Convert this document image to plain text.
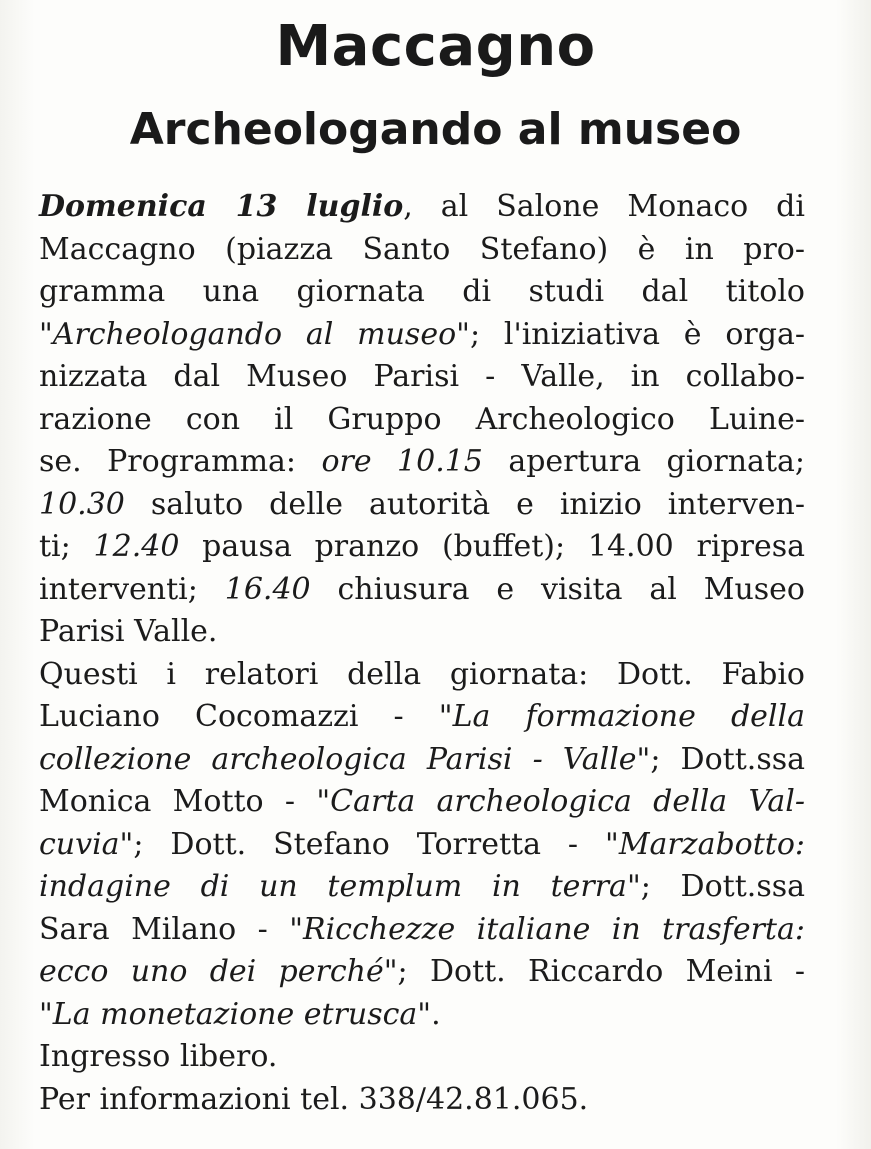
Maccagno
Archeologando al museo
Domenica 13 luglio, al Salone Monaco di
Maccagno (piazza Santo Stefano) è in pro-
gramma una giornata di studi dal titolo
"Archeologando al museo"; l'iniziativa è orga-
nizzata dal Museo Parisi - Valle, in collabo-
razione con il Gruppo Archeologico Luine-
se. Programma: ore 10.15 apertura giornata;
10.30 saluto delle autorità e inizio interven-
ti; 12.40 pausa pranzo (buffet); 14.00 ripresa
interventi; 16.40 chiusura e visita al Museo
Parisi Valle.
Questi i relatori della giornata: Dott. Fabio
Luciano Cocomazzi - "La formazione della
collezione archeologica Parisi - Valle"; Dott.ssa
Monica Motto - "Carta archeologica della Val-
cuvia"; Dott. Stefano Torretta - "Marzabotto:
indagine di un templum in terra"; Dott.ssa
Sara Milano - "Ricchezze italiane in trasferta:
ecco uno dei perché"; Dott. Riccardo Meini -
"La monetazione etrusca".
Ingresso libero.
Per informazioni tel. 338/42.81.065.
